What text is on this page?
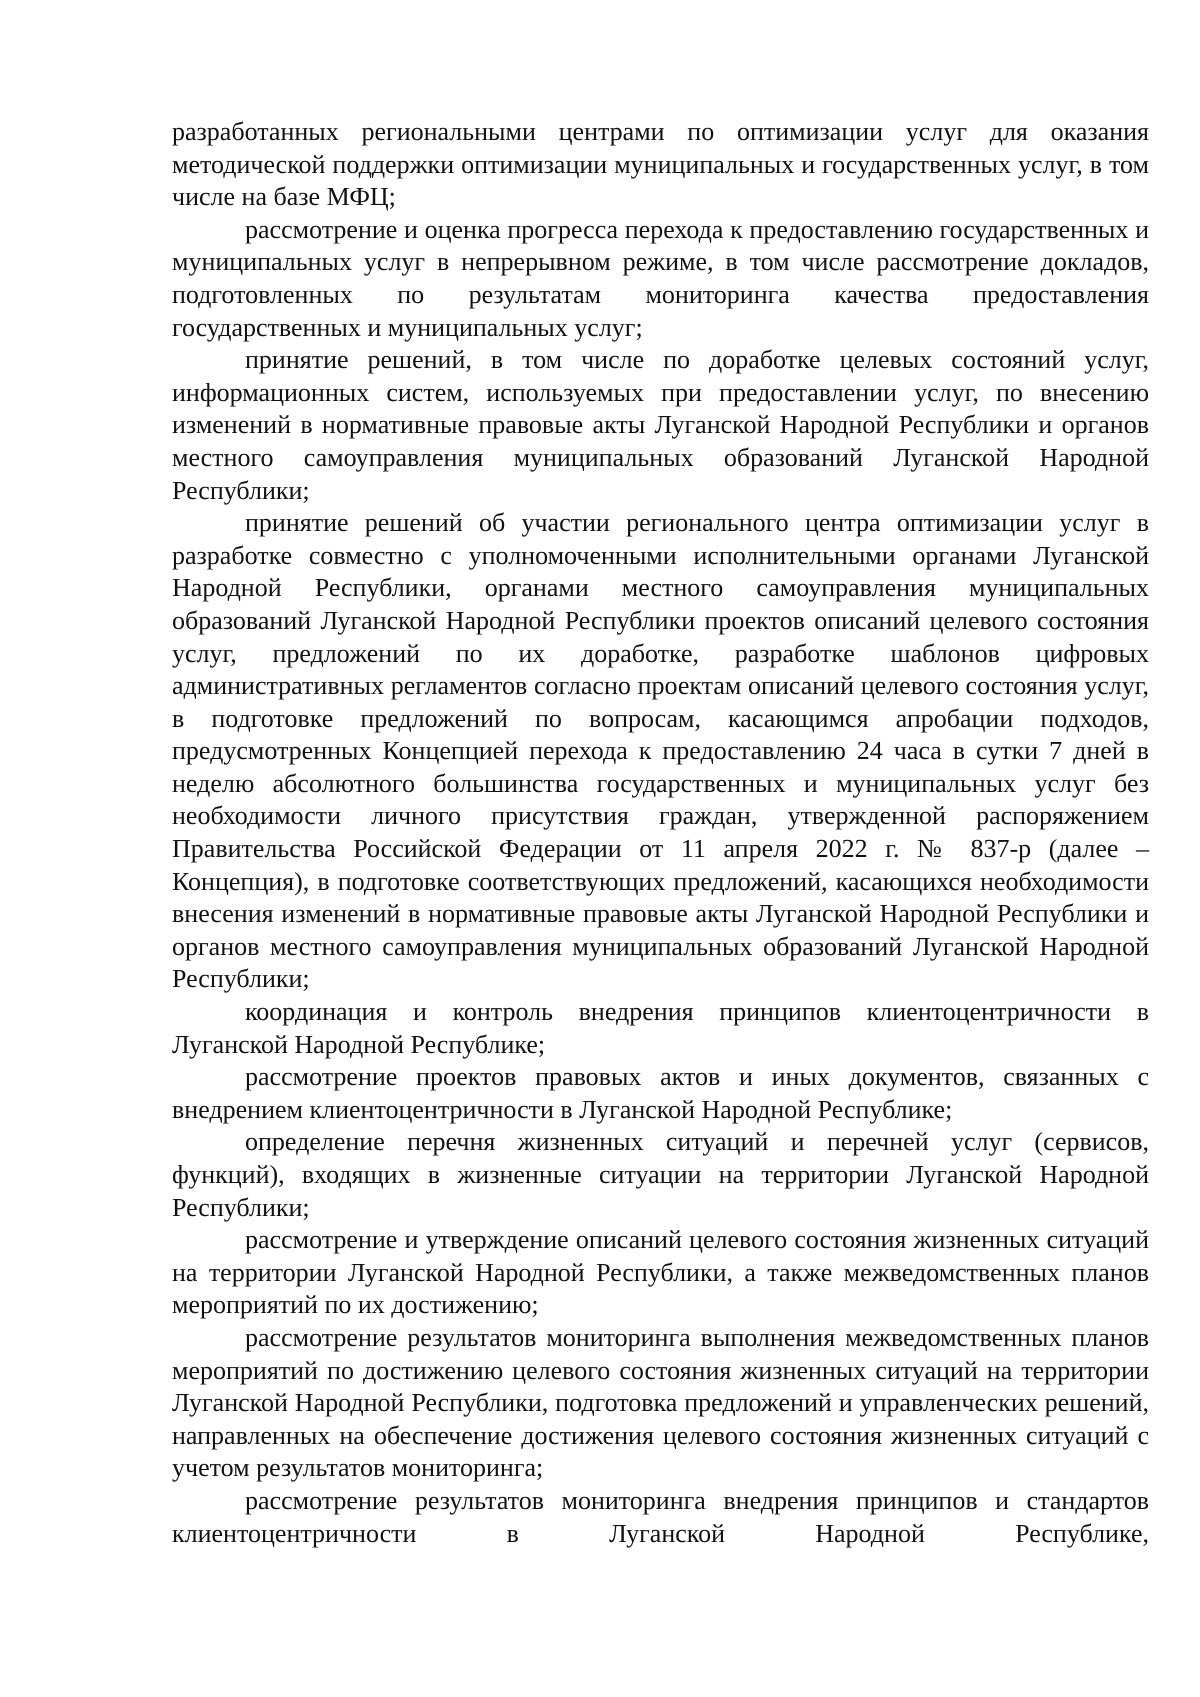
разработанных региональными центрами по оптимизации услуг для оказания методической поддержки оптимизации муниципальных и государственных услуг, в том числе на базе МФЦ;

рассмотрение и оценка прогресса перехода к предоставлению государственных и муниципальных услуг в непрерывном режиме, в том числе рассмотрение докладов, подготовленных по результатам мониторинга качества предоставления государственных и муниципальных услуг;

принятие решений, в том числе по доработке целевых состояний услуг, информационных систем, используемых при предоставлении услуг, по внесению изменений в нормативные правовые акты Луганской Народной Республики и органов местного самоуправления муниципальных образований Луганской Народной Республики;

принятие решений об участии регионального центра оптимизации услуг в разработке совместно с уполномоченными исполнительными органами Луганской Народной Республики, органами местного самоуправления муниципальных образований Луганской Народной Республики проектов описаний целевого состояния услуг, предложений по их доработке, разработке шаблонов цифровых административных регламентов согласно проектам описаний целевого состояния услуг, в подготовке предложений по вопросам, касающимся апробации подходов, предусмотренных Концепцией перехода к предоставлению 24 часа в сутки 7 дней в неделю абсолютного большинства государственных и муниципальных услуг без необходимости личного присутствия граждан, утвержденной распоряжением Правительства Российской Федерации от 11 апреля 2022 г. № 837-р (далее – Концепция), в подготовке соответствующих предложений, касающихся необходимости внесения изменений в нормативные правовые акты Луганской Народной Республики и органов местного самоуправления муниципальных образований Луганской Народной Республики;

координация и контроль внедрения принципов клиентоцентричности в Луганской Народной Республике;

рассмотрение проектов правовых актов и иных документов, связанных с внедрением клиентоцентричности в Луганской Народной Республике;

определение перечня жизненных ситуаций и перечней услуг (сервисов, функций), входящих в жизненные ситуации на территории Луганской Народной Республики;

рассмотрение и утверждение описаний целевого состояния жизненных ситуаций на территории Луганской Народной Республики, а также межведомственных планов мероприятий по их достижению;

рассмотрение результатов мониторинга выполнения межведомственных планов мероприятий по достижению целевого состояния жизненных ситуаций на территории Луганской Народной Республики, подготовка предложений и управленческих решений, направленных на обеспечение достижения целевого состояния жизненных ситуаций с учетом результатов мониторинга;

рассмотрение результатов мониторинга внедрения принципов и стандартов клиентоцентричности в Луганской Народной Республике,
